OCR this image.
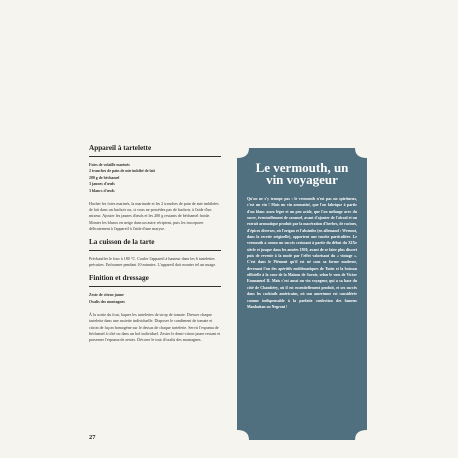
Appareil à tartelette
Foies de volaille marinés
2 tranches de pain de mie imbibé de lait
200 g de béchamel
3 jaunes d'œufs
3 blancs d'œufs

Hacher les foies marinés, la marinade et les 2 tranches de pain de mie imbibées de lait dans un hachoir ou, si vous ne possédez pas de hachoir, à l'aide d'un mixeur. Ajouter les jaunes d'œufs et les 200 g restants de béchamel froide. Monter les blancs en neige dans un autre récipient, puis les incorporer délicatement à l'appareil à l'aide d'une maryse.

La cuisson de la tarte

Préchauffer le four à 180 °C. Couler l'appareil à hauteur dans les 6 tartelettes précuites. Enfourner pendant 10 minutes. L'appareil doit monter tel un nuage.

Finition et dressage
Zeste de citron jaune
Oxalis des montagnes

À la sortie du four, laquer les tartelettes de sirop de tomate. Dresser chaque tartelette dans une assiette individuelle. Disposer le condiment de tomate et citron de façon homogène sur le dessus de chaque tartelette. Servir l'espuma de béchamel à côté ou dans un bol individuel. Zester le demi-citron jaune restant et parsemer l'espuma de zestes. Décorer le tout d'oxalis des montagnes.

27
Le vermouth, un vin voyageur

Qu'on ne s'y trompe pas : le vermouth n'est pas un spiritueux, c'est un vin ! Mais un vin aromatisé, que l'on fabrique à partir d'un blanc assez léger et un peu acide, que l'on mélange avec du sucre, éventuellement de caramel, avant d'ajouter de l'alcool et un extrait aromatique produit par la macération d'herbes, de racines, d'épices diverses, où l'origan et l'absinthe (en allemand : Wermut, dans la recette originelle), apportent une touche particulière. Le vermouth a connu un succès croissant à partir du début du XIXe siècle et jusque dans les années 1950, avant de se faire plus discret puis de revenir à la mode par l'effet valorisant du « vintage ». C'est dans le Piémont qu'il est né sous sa forme moderne, devenant l'un des apéritifs emblématiques de Turin et la boisson officielle à la cour de la Maison de Savoie, selon le vœu de Victor Emmanuel II. Mais c'est aussi un vin voyageur, qui a sa base du côté de Chambéry, où il est essentiellement produit, et ses succès dans les cocktails américains, où son amertume est considérée comme indispensable à la parfaite confection des fameux Manhattan ou Negroni !
